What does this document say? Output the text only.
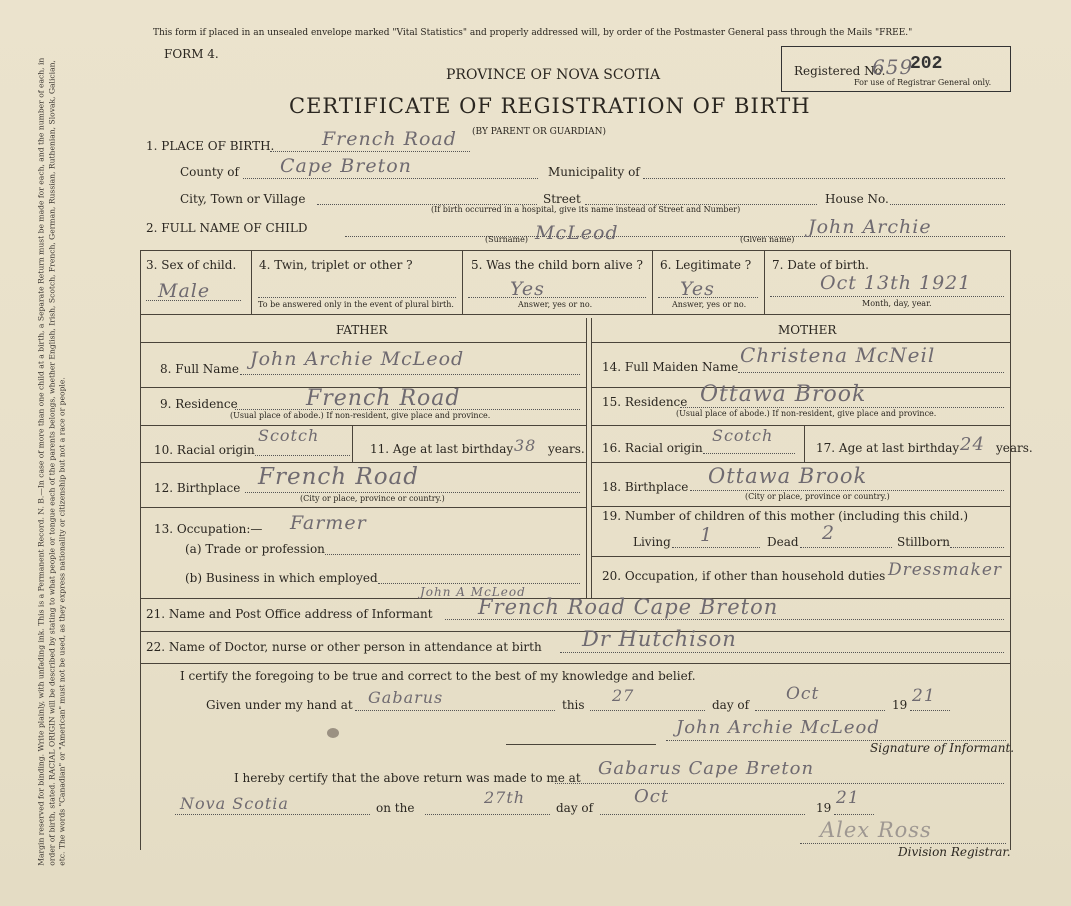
Margin reserved for binding. Write plainly, with unfading ink. This is a Permanent Record. N. B.—In case of more than one child at a birth, a Separate Return must be made for each, and the number of each, in order of birth, stated. RACIAL ORIGIN will be described by stating to what people or tongue each of the parents belongs, whether English, Irish, Scotch, French, German, Russian, Ruthenian, Slovak, Galician, etc. The words "Canadian" or "American" must not be used, as they express nationality or citizenship but not a race or people.
This form if placed in an unsealed envelope marked "Vital Statistics" and properly addressed will, by order of the Postmaster General pass through the Mails "FREE."
FORM 4.
PROVINCE OF NOVA SCOTIA
CERTIFICATE OF REGISTRATION OF BIRTH
(BY PARENT OR GUARDIAN)
Registered No.
659
202
For use of Registrar General only.
1. PLACE OF BIRTH.	French Road
County of Cape Breton	Municipality of
City, Town or Village	Street	House No.
(If birth occurred in a hospital, give its name instead of Street and Number)
2. FULL NAME OF CHILD
(Surname) McLeod	(Given name)
John Archie
3. Sex of child.
Male
4. Twin, triplet or other ?
To be answered only in the event of plural birth.
5. Was the child born alive ?
Yes
Answer, yes or no.
6. Legitimate ?
Yes
Answer, yes or no.
7. Date of birth.
Oct 13th 1921
Month, day, year.
FATHER	MOTHER
8. Full Name John Archie McLeod
9. Residence	French Road
(Usual place of abode.) If non-resident, give place and province.
10. Racial origin
Scotch
11. Age at last birthday 38 years.
12. Birthplace French Road
(City or place, province or country.)
13. Occupation:— Farmer
(a) Trade or profession
(b) Business in which employed
14. Full Maiden Name Christena McNeil
15. Residence Ottawa Brook
(Usual place of abode.) If non-resident, give place and province.
16. Racial origin
Scotch
17. Age at last birthday 24 years.
18. Birthplace Ottawa Brook
(City or place, province or country.)
19. Number of children of this mother (including this child.)
Living 1	Dead 2	Stillborn
20. Occupation, if other than household duties Dressmaker
21. Name and Post Office address of Informant
John A McLeod
French Road Cape Breton
22. Name of Doctor, nurse or other person in attendance at birth Dr Hutchison
I certify the foregoing to be true and correct to the best of my knowledge and belief.
Given under my hand at Gabarus	this 27	day of
Oct
19 21
John Archie McLeod
Signature of Informant.
I hereby certify that the above return was made to me at Gabarus Cape Breton
Nova Scotia	on the
27th
day of
Oct
19 21
Alex Ross
Division Registrar.
